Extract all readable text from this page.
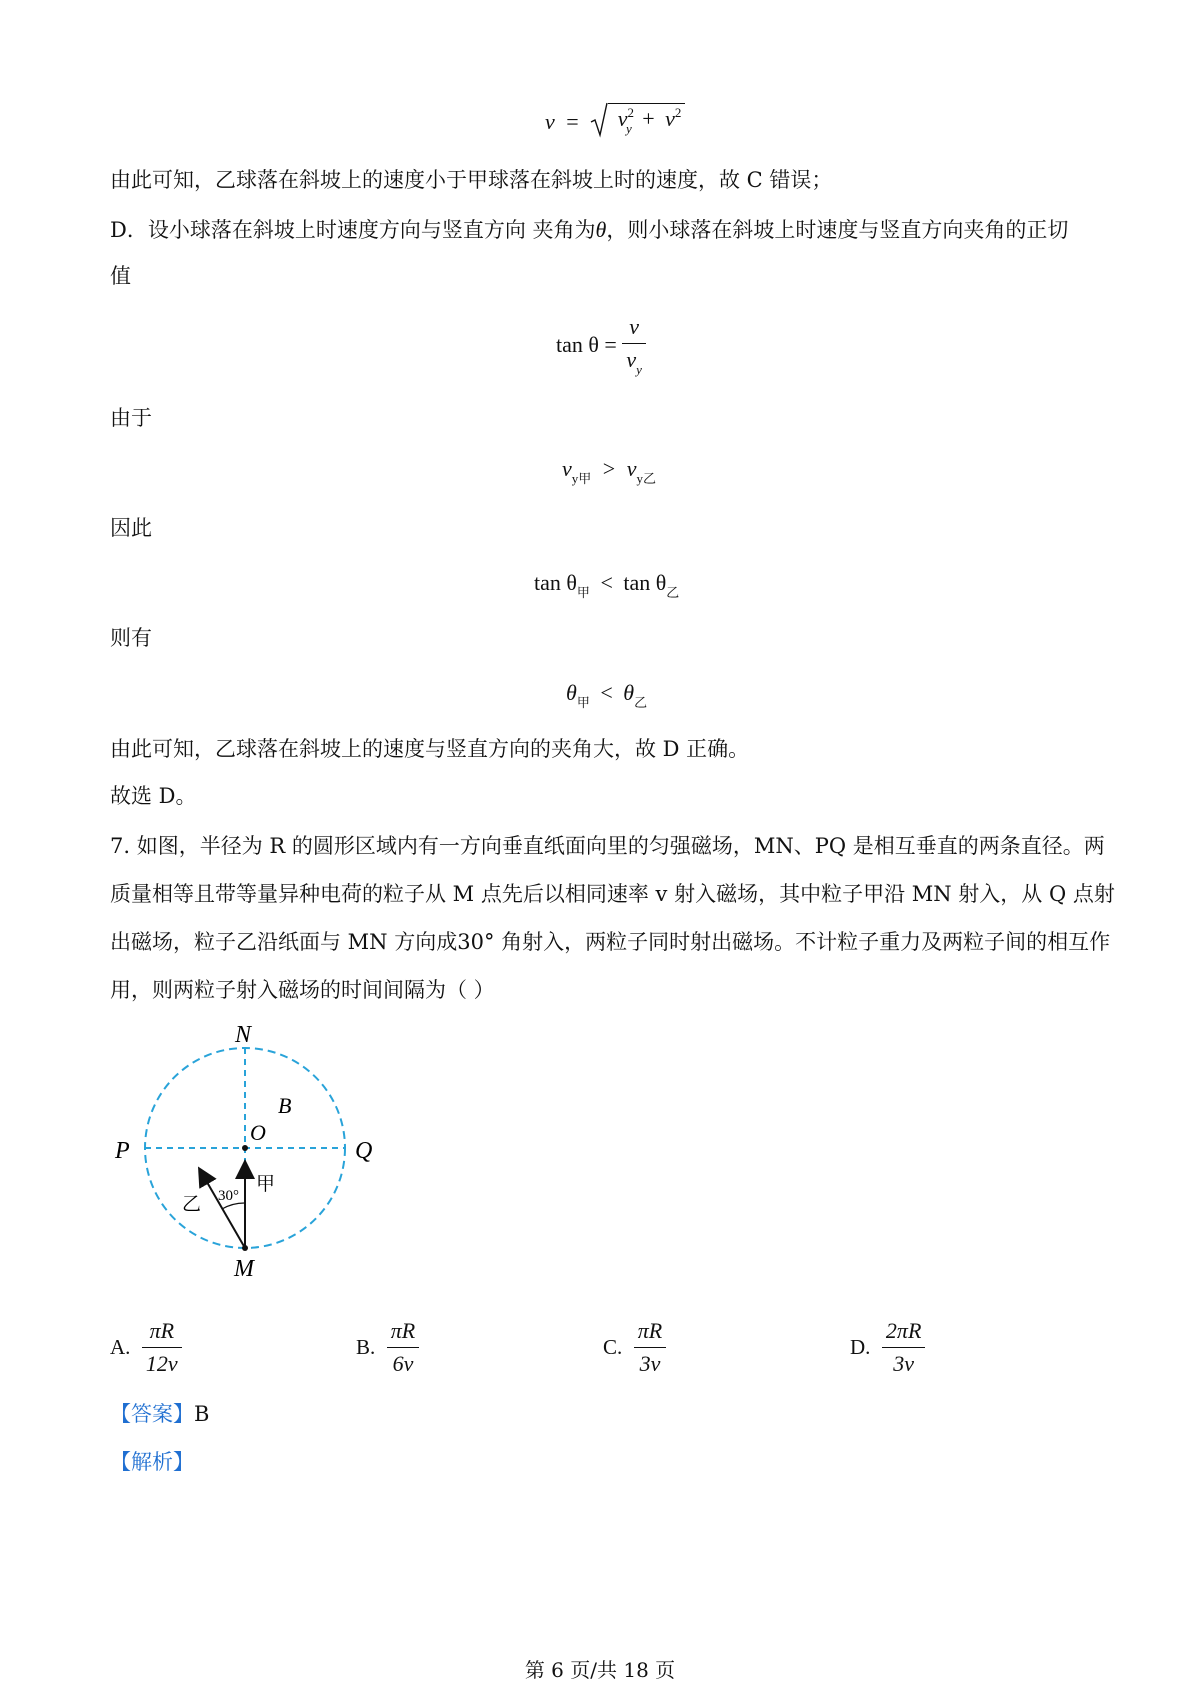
$v = v^2_y + v^2$
由此可知，乙球落在斜坡上的速度小于甲球落在斜坡上时的速度，故 C 错误；
D．设小球落在斜坡上时速度方向与竖直方向 夹角为θ，则小球落在斜坡上时速度与竖直方向夹角的正切
值
$\tan \theta = \frac{v}{v_y}$
由于
$v_{y甲} > v_{y乙}$
因此
$\tan \theta_甲 < \tan \theta_乙$
则有
$\theta_甲 < \theta_乙$
由此可知，乙球落在斜坡上的速度与竖直方向的夹角大，故 D 正确。
故选 D。
7. 如图，半径为 R 的圆形区域内有一方向垂直纸面向里的匀强磁场，MN、PQ 是相互垂直的两条直径。两
质量相等且带等量异种电荷的粒子从 M 点先后以相同速率 v 射入磁场，其中粒子甲沿 MN 射入，从 Q 点射
出磁场，粒子乙沿纸面与 MN 方向成30° 角射入，两粒子同时射出磁场。不计粒子重力及两粒子间的相互作
用，则两粒子射入磁场的时间间隔为（ ）
N
B
O
P	Q
甲
乙 30°
M
A. $\frac{\pi R}{12v}$	B. $\frac{\pi R}{6v}$	C. $\frac{\pi R}{3v}$	D. $\frac{2\pi R}{3v}$
【答案】B
【解析】
第 6 页/共 18 页
